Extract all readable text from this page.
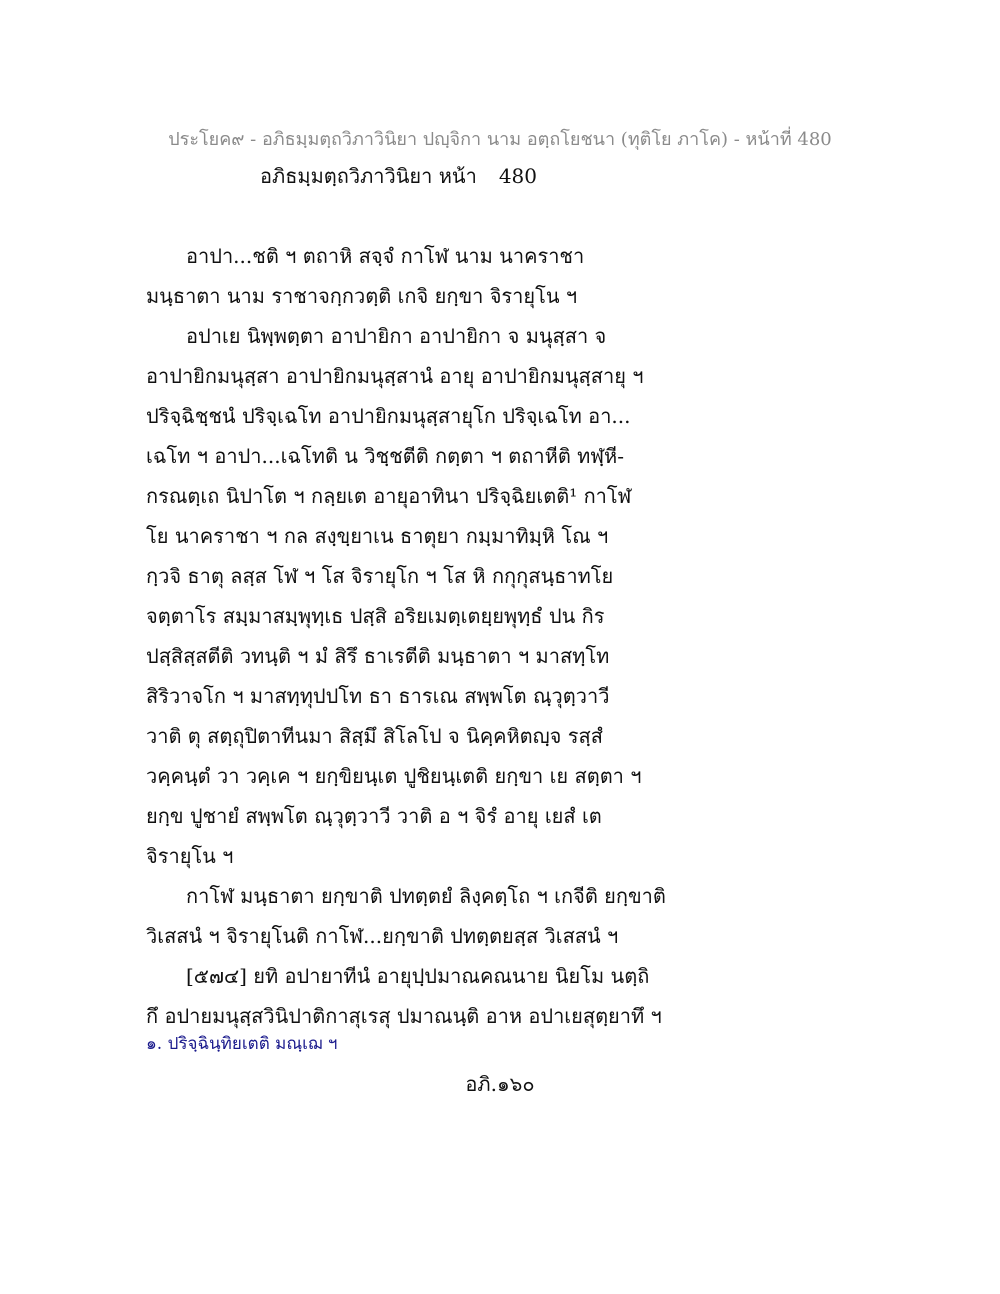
ประโยค๙ - อภิธมฺมตฺถวิภาวินิยา ปญฺจิกา นาม อตฺถโยชนา (ทุติโย ภาโค) - หน้าที่ 480
อภิธมฺมตฺถวิภาวินิยา หน้า 480
อาปา...ชติ ฯ ตถาหิ สจฺจํ กาโฬ นาม นาคราชา
มนฺธาตา นาม ราชาจกฺกวตฺติ เกจิ ยกฺขา จิรายุโน ฯ
อปาเย นิพฺพตฺตา อาปายิกา อาปายิกา จ มนุสฺสา จ
อาปายิกมนุสฺสา อาปายิกมนุสฺสานํ อายุ อาปายิกมนุสฺสายุ ฯ
ปริจฺฉิชฺชนํ ปริจฺเฉโท อาปายิกมนุสฺสายุโก ปริจฺเฉโท อา...
เฉโท ฯ อาปา...เฉโทติ น วิชฺชตีติ กตฺตา ฯ ตถาหีติ ทฬฺหี-
กรณตฺเถ นิปาโต ฯ กลฺยเต อายุอาทินา ปริจฺฉิยเตติ¹ กาโฬ
โย นาคราชา ฯ กล สงฺขฺยาเน ธาตุยา กมฺมาทิมฺหิ โณ ฯ
กฺวจิ ธาตุ ลสฺส โฬ ฯ โส จิรายุโก ฯ โส หิ กกุกุสนฺธาทโย
จตฺตาโร สมฺมาสมฺพุทฺเธ ปสฺสิ อริยเมตฺเตยฺยพุทฺธํ ปน กิร
ปสฺสิสฺสตีติ วทนฺติ ฯ มํ สิรึ ธาเรตีติ มนฺธาตา ฯ มาสทฺโท
สิริวาจโก ฯ มาสทฺทุปปโท ธา ธารเณ สพฺพโต ณฺวุตฺวาวี
วาติ ตุ สตฺถุปิตาทีนมา สิสฺมึ สิโลโป จ นิคฺคหิตญฺจ รสฺสํ
วคฺคนฺตํ วา วคฺเค ฯ ยกฺขิยนฺเต ปูชิยนฺเตติ ยกฺขา เย สตฺตา ฯ
ยกฺข ปูชายํ สพฺพโต ณฺวุตฺวาวี วาติ อ ฯ จิรํ อายุ เยสํ เต
จิรายุโน ฯ
กาโฬ มนฺธาตา ยกฺขาติ ปทตฺตยํ ลิงฺคตฺโถ ฯ เกจีติ ยกฺขาติ
วิเสสนํ ฯ จิรายุโนติ กาโฬ...ยกฺขาติ ปทตฺตยสฺส วิเสสนํ ฯ
[๕๗๔] ยทิ อปายาทีนํ อายุปฺปมาณคณนาย นิยโม นตฺถิ
กึ อปายมนุสฺสวินิปาติกาสุเรสุ ปมาณนฺติ อาห อปาเยสุตฺยาทึ ฯ
๑. ปริจฺฉินฺทิยเตติ มณฺเฌ ฯ
อภิ.๑๖๐
